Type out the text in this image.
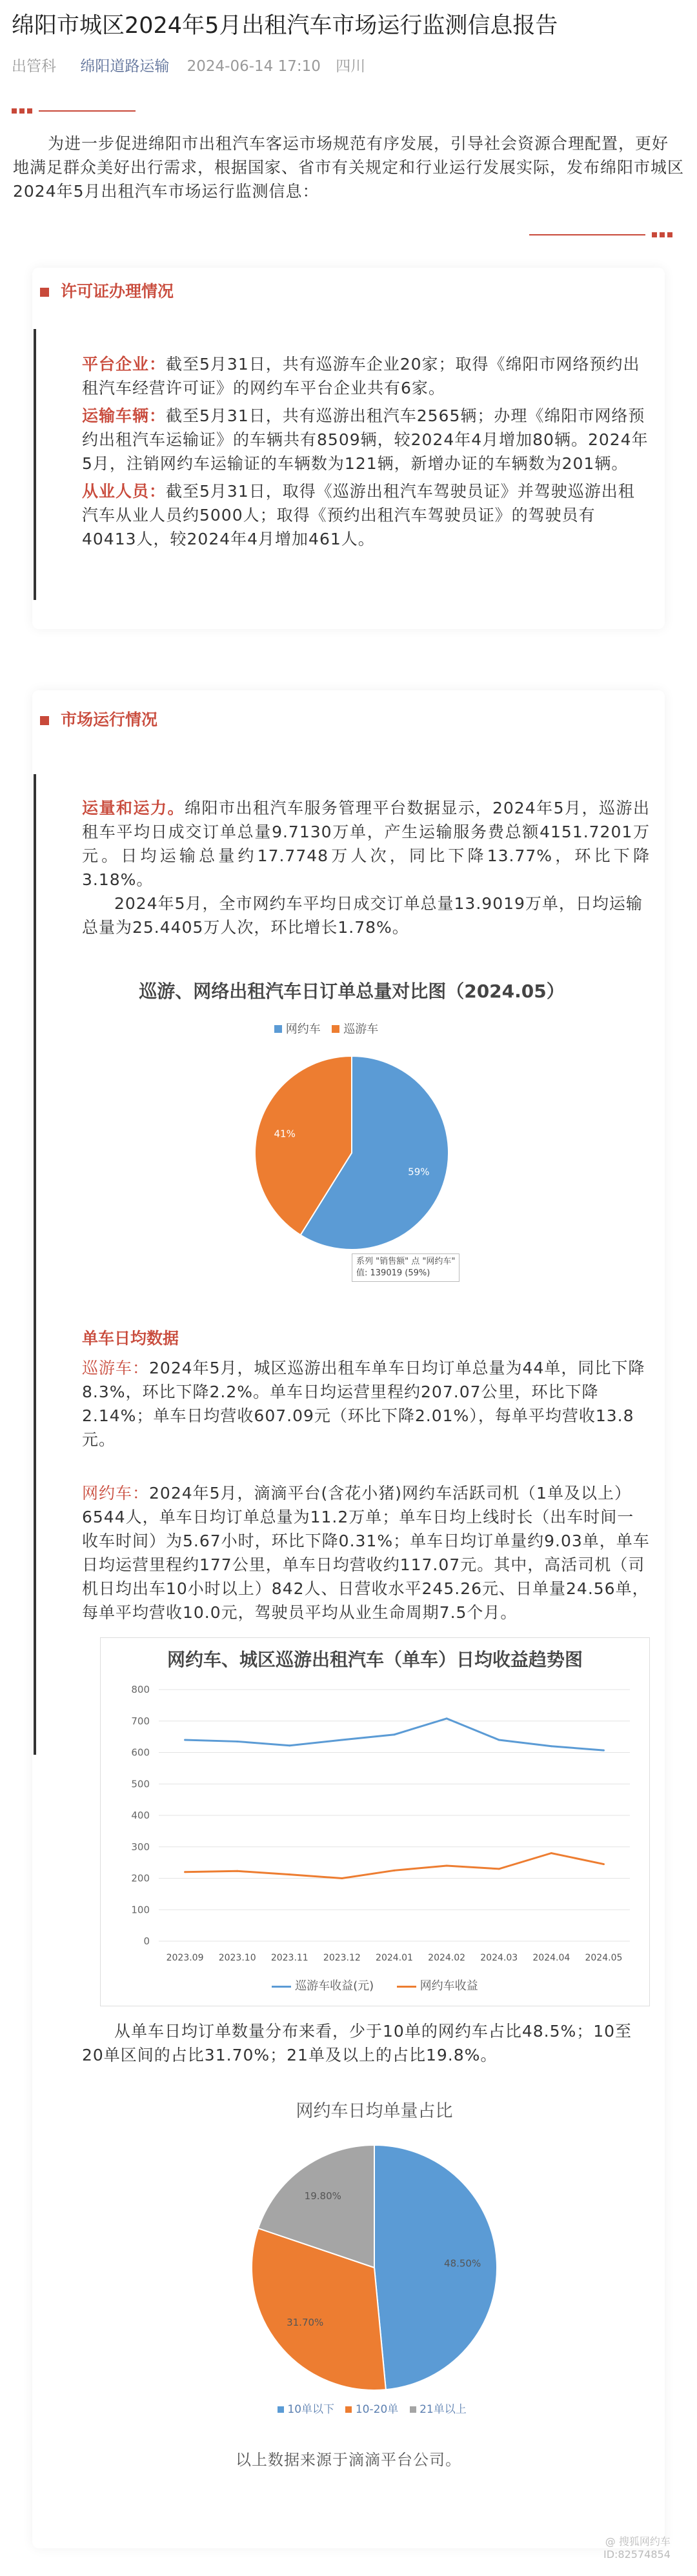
绵阳市城区2024年5月出租汽车市场运行监测信息报告
出管科 绵阳道路运输 2024-06-14 17:10 四川
为进一步促进绵阳市出租汽车客运市场规范有序发展，引导社会资源合理配置，更好地满足群众美好出行需求，根据国家、省市有关规定和行业运行发展实际，发布绵阳市城区2024年5月出租汽车市场运行监测信息：
许可证办理情况
平台企业：截至5月31日，共有巡游车企业20家；取得《绵阳市网络预约出租汽车经营许可证》的网约车平台企业共有6家。
运输车辆：截至5月31日，共有巡游出租汽车2565辆；办理《绵阳市网络预约出租汽车运输证》的车辆共有8509辆，较2024年4月增加80辆。2024年5月，注销网约车运输证的车辆数为121辆，新增办证的车辆数为201辆。
从业人员：截至5月31日，取得《巡游出租汽车驾驶员证》并驾驶巡游出租汽车从业人员约5000人；取得《预约出租汽车驾驶员证》的驾驶员有40413人，较2024年4月增加461人。
市场运行情况
运量和运力。绵阳市出租汽车服务管理平台数据显示，2024年5月，巡游出租车平均日成交订单总量9.7130万单，产生运输服务费总额4151.7201万元。日均运输总量约17.7748万人次，同比下降13.77%，环比下降3.18%。
2024年5月，全市网约车平均日成交订单总量13.9019万单，日均运输总量为25.4405万人次，环比增长1.78%。
巡游、网络出租汽车日订单总量对比图（2024.05）
网约车 巡游车
59%
41%
系列 "销售额" 点 "网约车"
值: 139019 (59%)
单车日均数据
巡游车：2024年5月，城区巡游出租车单车日均订单总量为44单，同比下降8.3%，环比下降2.2%。单车日均运营里程约207.07公里，环比下降2.14%；单车日均营收607.09元（环比下降2.01%），每单平均营收13.8元。
网约车：2024年5月，滴滴平台(含花小猪)网约车活跃司机（1单及以上）6544人，单车日均订单总量为11.2万单；单车日均上线时长（出车时间一收车时间）为5.67小时，环比下降0.31%；单车日均订单量约9.03单，单车日均运营里程约177公里，单车日均营收约117.07元。其中，高活司机（司机日均出车10小时以上）842人、日营收水平245.26元、日单量24.56单，每单平均营收10.0元，驾驶员平均从业生命周期7.5个月。
网约车、城区巡游出租汽车（单车）日均收益趋势图
0
100
200
300
400
500
600
700
800
2023.09 2023.10 2023.11 2023.12 2024.01 2024.02 2024.03 2024.04 2024.05
巡游车收益(元)	网约车收益
从单车日均订单数量分布来看，少于10单的网约车占比48.5%；10至20单区间的占比31.70%；21单及以上的占比19.8%。
网约车日均单量占比
48.50%
31.70%
19.80%
10单以下 10-20单 21单以上
以上数据来源于滴滴平台公司。
@ 搜狐网约车
ID:82574854
